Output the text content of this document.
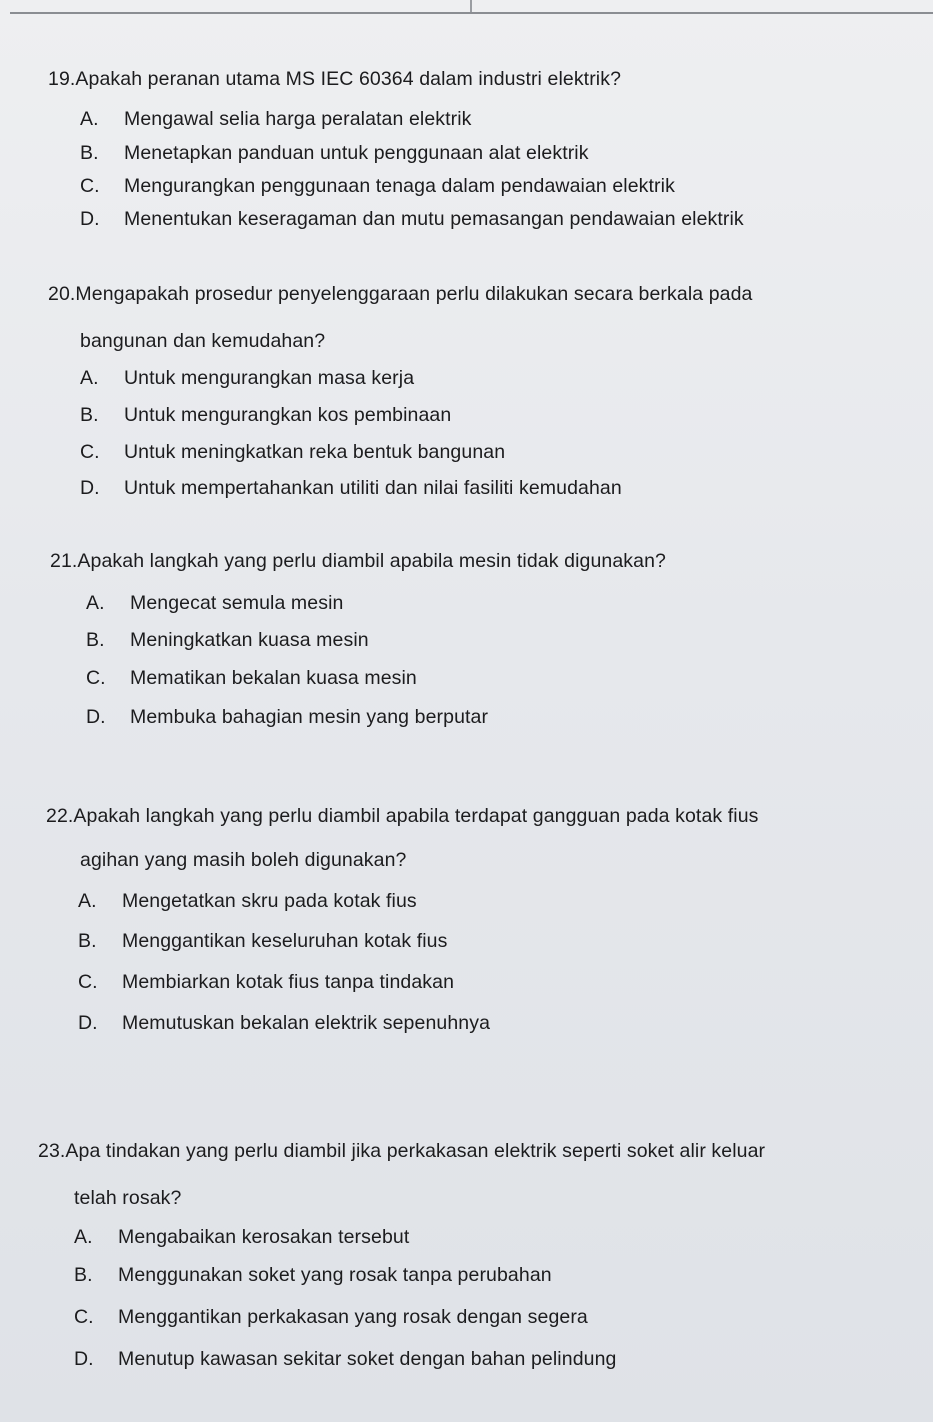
19.Apakah peranan utama MS IEC 60364 dalam industri elektrik?
A. Mengawal selia harga peralatan elektrik
B. Menetapkan panduan untuk penggunaan alat elektrik
C. Mengurangkan penggunaan tenaga dalam pendawaian elektrik
D. Menentukan keseragaman dan mutu pemasangan pendawaian elektrik
20.Mengapakah prosedur penyelenggaraan perlu dilakukan secara berkala pada
bangunan dan kemudahan?
A. Untuk mengurangkan masa kerja
B. Untuk mengurangkan kos pembinaan
C. Untuk meningkatkan reka bentuk bangunan
D. Untuk mempertahankan utiliti dan nilai fasiliti kemudahan
21.Apakah langkah yang perlu diambil apabila mesin tidak digunakan?
A. Mengecat semula mesin
B. Meningkatkan kuasa mesin
C. Mematikan bekalan kuasa mesin
D. Membuka bahagian mesin yang berputar
22.Apakah langkah yang perlu diambil apabila terdapat gangguan pada kotak fius
agihan yang masih boleh digunakan?
A. Mengetatkan skru pada kotak fius
B. Menggantikan keseluruhan kotak fius
C. Membiarkan kotak fius tanpa tindakan
D. Memutuskan bekalan elektrik sepenuhnya
23.Apa tindakan yang perlu diambil jika perkakasan elektrik seperti soket alir keluar
telah rosak?
A. Mengabaikan kerosakan tersebut
B. Menggunakan soket yang rosak tanpa perubahan
C. Menggantikan perkakasan yang rosak dengan segera
D. Menutup kawasan sekitar soket dengan bahan pelindung
